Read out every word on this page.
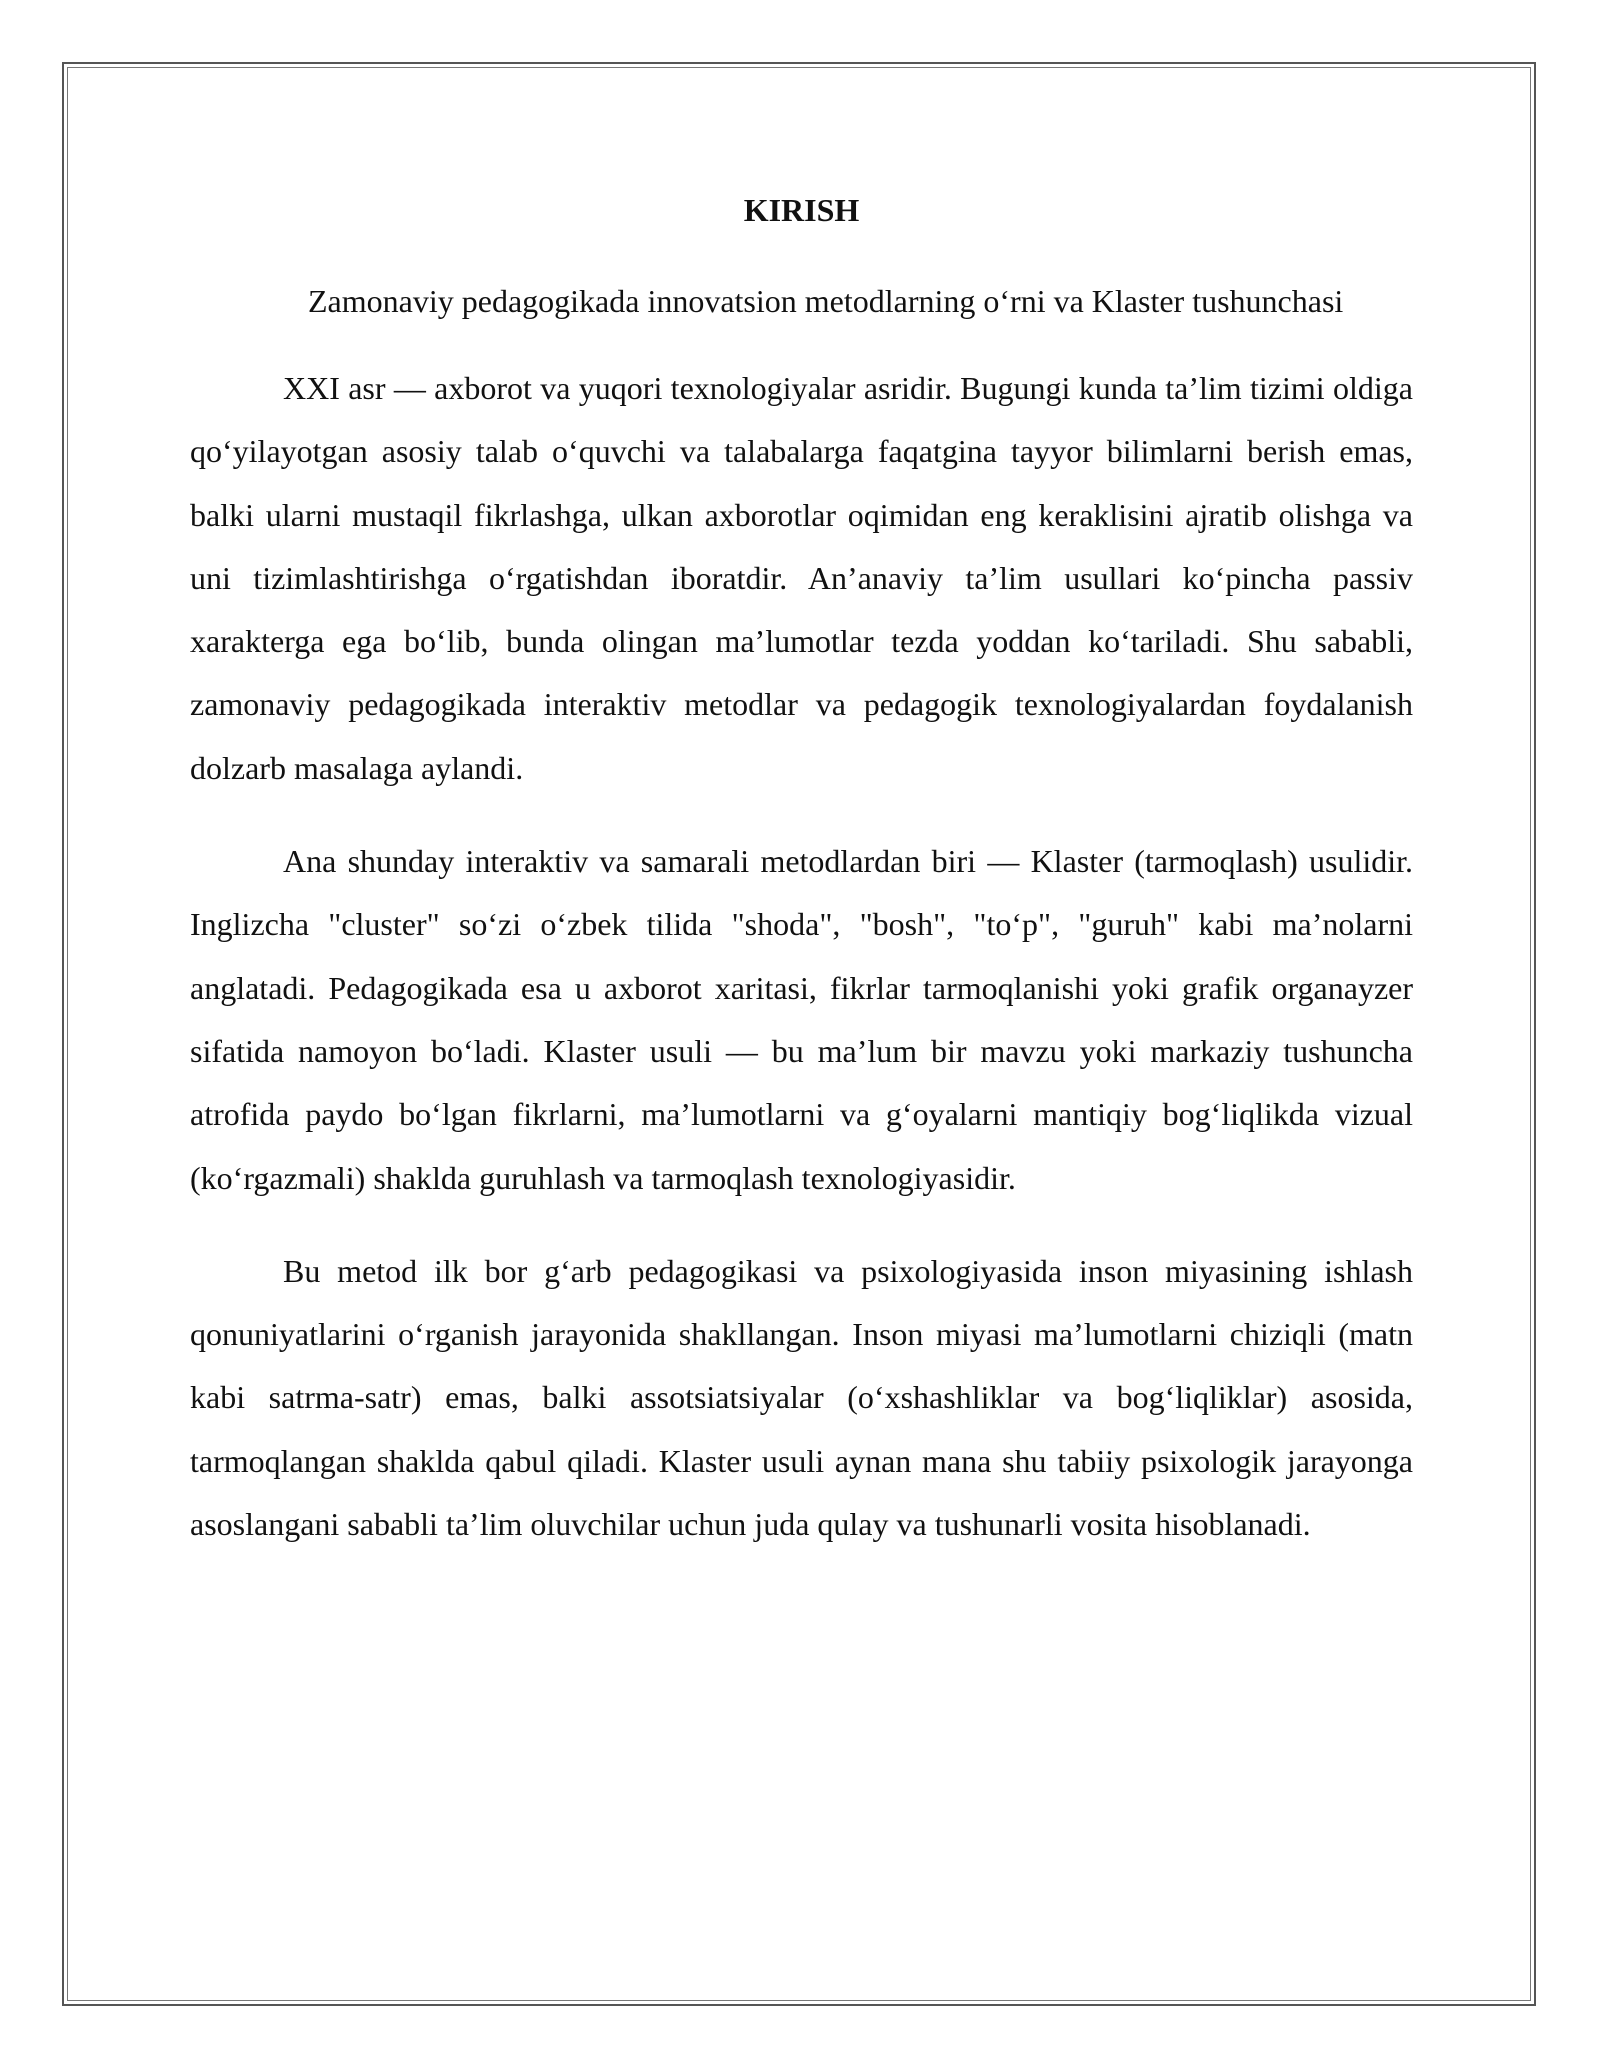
KIRISH

Zamonaviy pedagogikada innovatsion metodlarning o‘rni va Klaster tushunchasi

XXI asr — axborot va yuqori texnologiyalar asridir. Bugungi kunda ta’lim tizimi oldiga qo‘yilayotgan asosiy talab o‘quvchi va talabalarga faqatgina tayyor bilimlarni berish emas, balki ularni mustaqil fikrlashga, ulkan axborotlar oqimidan eng keraklisini ajratib olishga va uni tizimlashtirishga o‘rgatishdan iboratdir. An’anaviy ta’lim usullari ko‘pincha passiv xarakterga ega bo‘lib, bunda olingan ma’lumotlar tezda yoddan ko‘tariladi. Shu sababli, zamonaviy pedagogikada interaktiv metodlar va pedagogik texnologiyalardan foydalanish dolzarb masalaga aylandi.

Ana shunday interaktiv va samarali metodlardan biri — Klaster (tarmoqlash) usulidir. Inglizcha "cluster" so‘zi o‘zbek tilida "shoda", "bosh", "to‘p", "guruh" kabi ma’nolarni anglatadi. Pedagogikada esa u axborot xaritasi, fikrlar tarmoqlanishi yoki grafik organayzer sifatida namoyon bo‘ladi. Klaster usuli — bu ma’lum bir mavzu yoki markaziy tushuncha atrofida paydo bo‘lgan fikrlarni, ma’lumotlarni va g‘oyalarni mantiqiy bog‘liqlikda vizual (ko‘rgazmali) shaklda guruhlash va tarmoqlash texnologiyasidir.

Bu metod ilk bor g‘arb pedagogikasi va psixologiyasida inson miyasining ishlash qonuniyatlarini o‘rganish jarayonida shakllangan. Inson miyasi ma’lumotlarni chiziqli (matn kabi satrma-satr) emas, balki assotsiatsiyalar (o‘xshashliklar va bog‘liqliklar) asosida, tarmoqlangan shaklda qabul qiladi. Klaster usuli aynan mana shu tabiiy psixologik jarayonga asoslangani sababli ta’lim oluvchilar uchun juda qulay va tushunarli vosita hisoblanadi.
